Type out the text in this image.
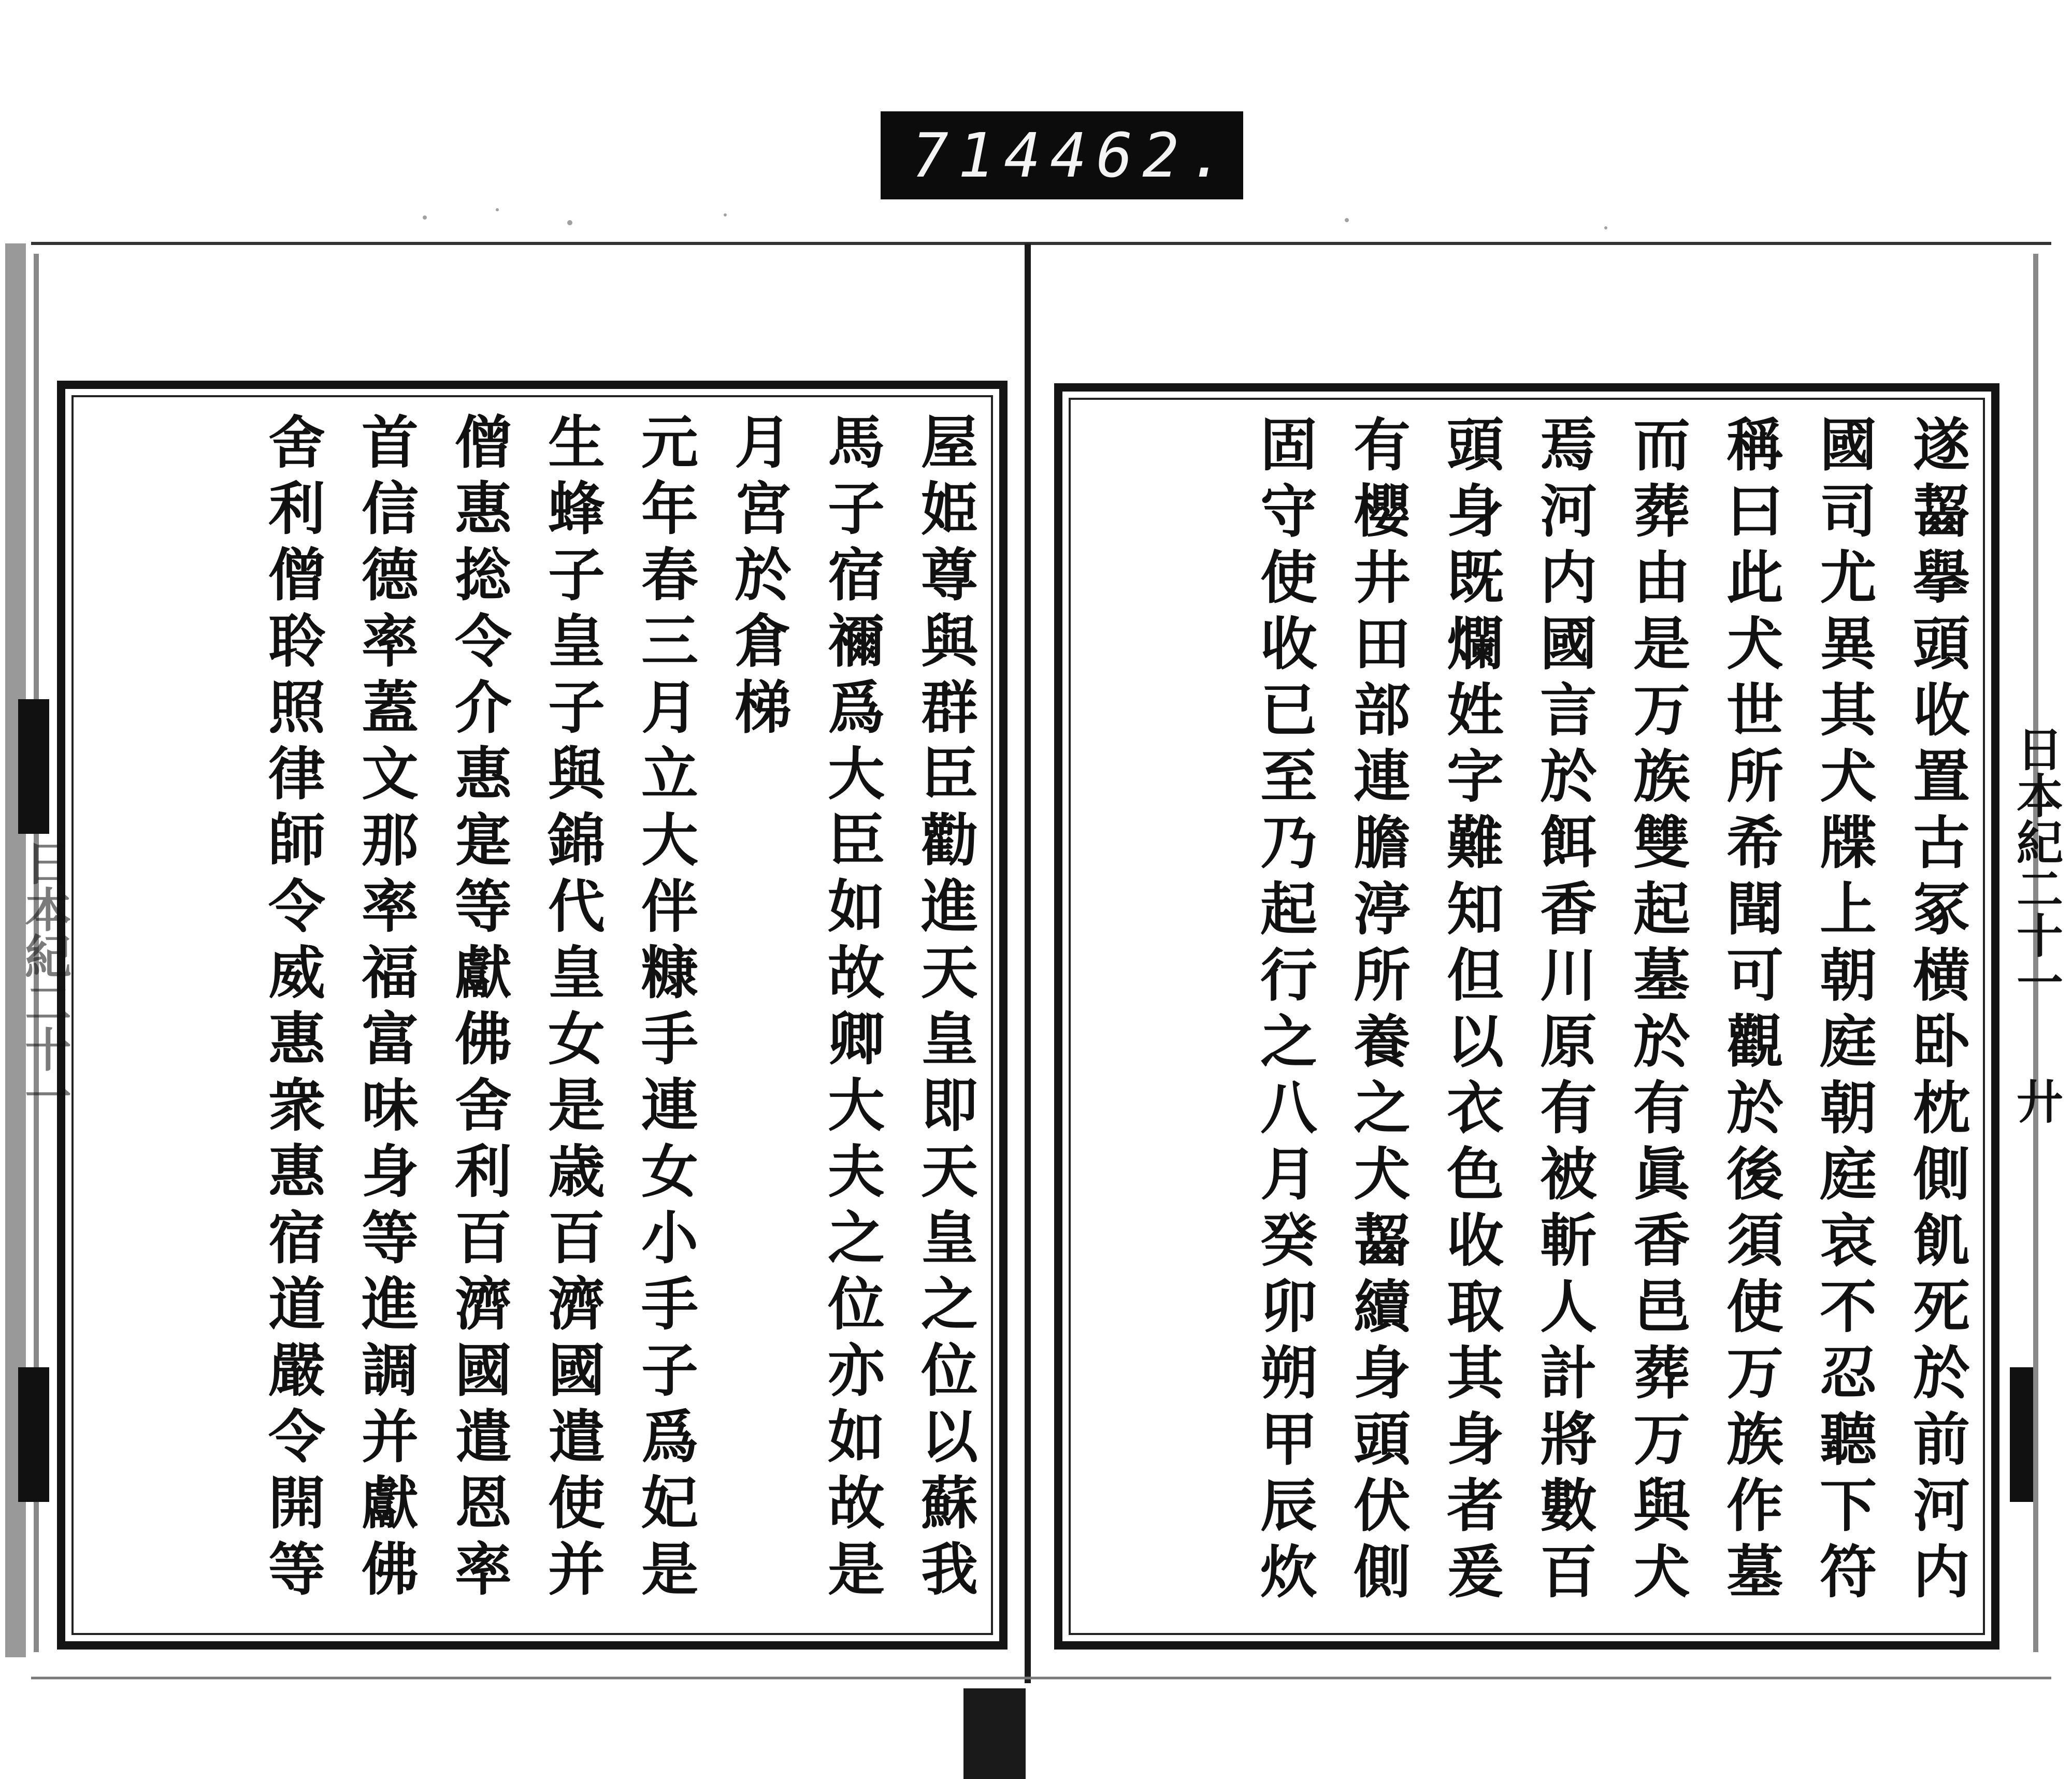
714 462.
屋姫尊與群臣勸進天皇即天皇之位以蘇我
馬子宿禰爲大臣如故卿大夫之位亦如故是
月宮於倉梯
元年春三月立大伴糠手連女小手子爲妃是
生蜂子皇子與錦代皇女是歳百濟國遣使并
僧惠捴令介惠寔等獻佛舍利百濟國遣恩率
首信德率蓋文那率福富味身等進調并獻佛
舍利僧聆照律師令威惠衆惠宿道嚴令開等
日本紀二十一	遂齧擧頭收置古冢横卧枕側飢死於前河内
國司尤異其犬牒上朝庭朝庭哀不忍聽下符
稱曰此犬世所希聞可觀於後須使万族作墓
而葬由是万族雙起墓於有眞香邑葬万與犬
焉河内國言於餌香川原有被斬人計將數百
頭身既爛姓字難知但以衣色收取其身者爰
有櫻井田部連膽渟所養之犬齧續身頭伏側
固守使收已至乃起行之八月癸卯朔甲辰炊	日本紀二十一
廾
